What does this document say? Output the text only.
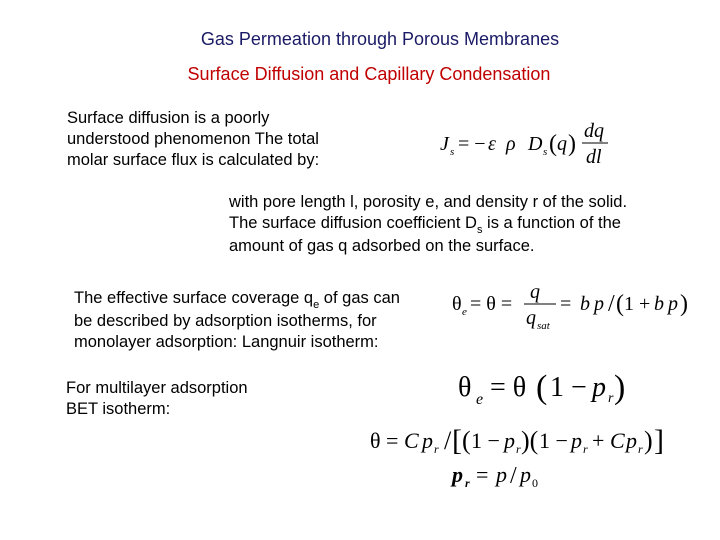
Gas Permeation through Porous Membranes
Surface Diffusion and Capillary Condensation
Surface diffusion is a poorly
understood phenomenon The total
molar surface flux is calculated by:
J s = − ε ρ D s ( q ) dq
dl
with pore length l, porosity e, and density r of the solid.
The surface diffusion coefficient $D_s$ is a function of the
amount of gas q adsorbed on the surface.
The effective surface coverage $q_e$ of gas can
be described by adsorption isotherms, for
monolayer adsorption: Langnuir isotherm:
θ e = θ =
q
q sat
= b p / ( 1 + b p )
For multilayer adsorption
BET isotherm:
θ e = θ ( 1 − p r )
θ = C p r / [ ( 1 − p r )( 1 − p r + C p r ) ]
p r = p / p 0
